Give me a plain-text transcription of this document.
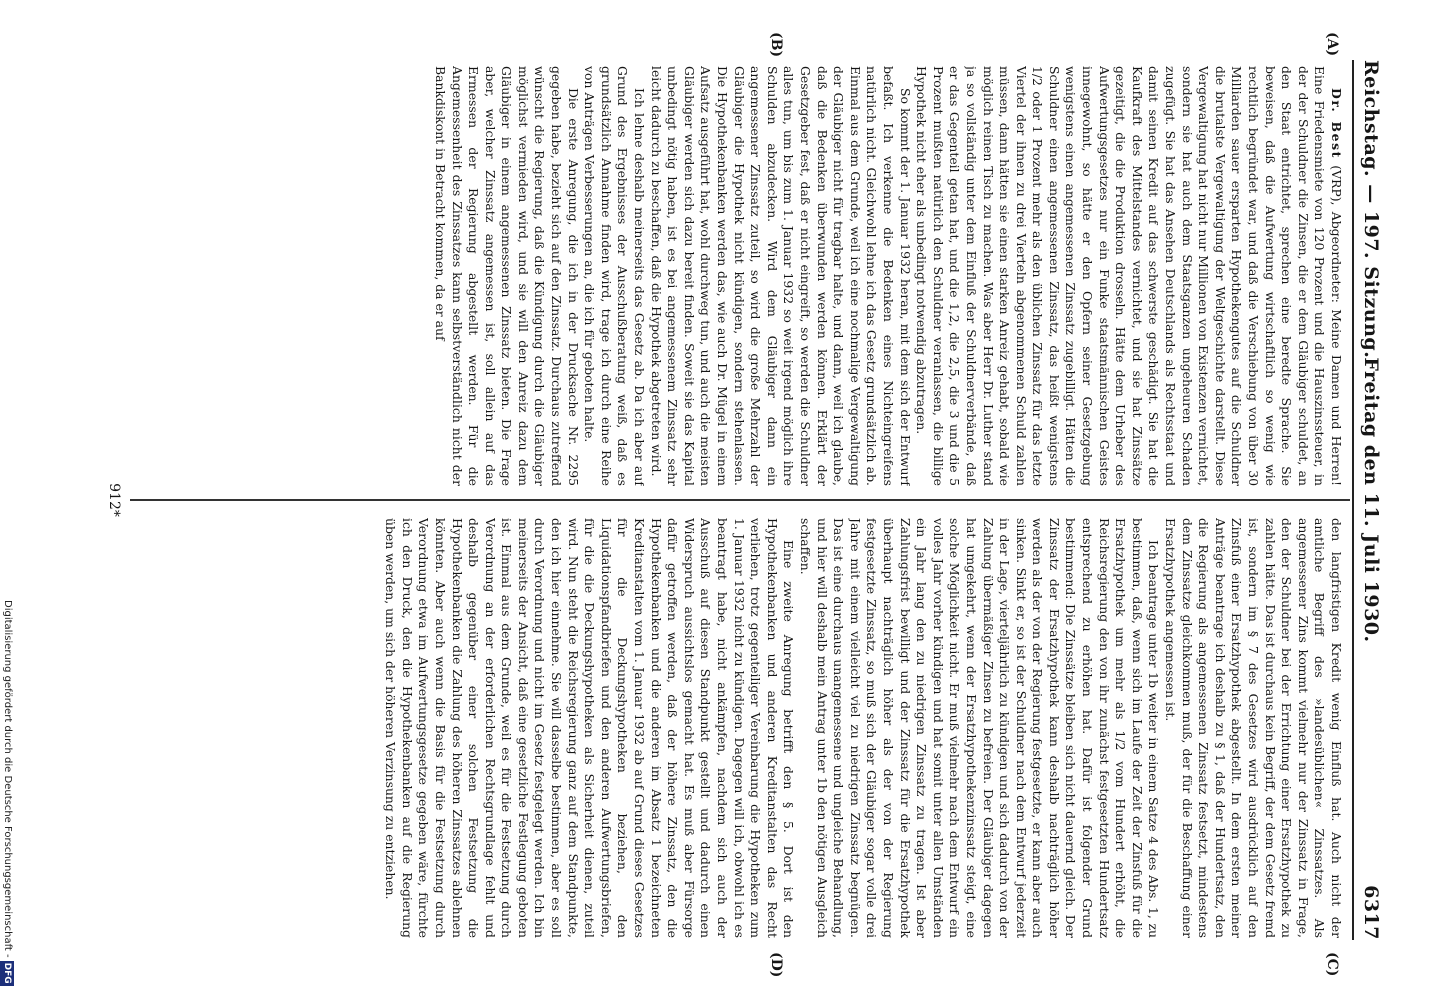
Reichstag. — 197. Sitzung.
Freitag den 11. Juli 1930.
6317
(A)
(B)
(C)
(D)

Dr. Best (VRP), Abgeordneter: Meine Damen und Herren! Eine Friedensmiete von 120 Prozent und die Hauszinssteuer, in der der Schuldner die Zinsen, die er dem Gläubiger schuldet, an den Staat entrichtet, sprechen eine beredte Sprache. Sie beweisen, daß die Aufwertung wirtschaftlich so wenig wie rechtlich begründet war, und daß die Verschiebung von über 30 Milliarden sauer ersparten Hypothekengutes auf die Schuldner die brutalste Vergewaltigung der Weltgeschichte darstellt. Diese Vergewaltigung hat nicht nur Millionen von Existenzen vernichtet, sondern sie hat auch dem Staatsganzen ungeheuren Schaden zugefügt. Sie hat das Ansehen Deutschlands als Rechtsstaat und damit seinen Kredit auf das schwerste geschädigt. Sie hat die Kaufkraft des Mittelstandes vernichtet, und sie hat Zinssätze gezeitigt, die die Produktion drosseln. Hätte dem Urheber des Aufwertungsgesetzes nur ein Funke staatsmännischen Geistes innegewohnt, so hätte er den Opfern seiner Gesetzgebung wenigstens einen angemessenen Zinssatz zugebilligt. Hätten die Schuldner einen angemessenen Zinssatz, das heißt wenigstens 1/2 oder 1 Prozent mehr als den üblichen Zinssatz für das letzte Viertel der ihnen zu drei Vierteln abgenommenen Schuld zahlen müssen, dann hätten sie einen starken Anreiz gehabt, sobald wie möglich reinen Tisch zu machen. Was aber Herr Dr. Luther stand ja so vollständig unter dem Einfluß der Schuldnerverbände, daß er das Gegenteil getan hat, und die 1,2, die 2,5, die 3 und die 5 Prozent mußten natürlich den Schuldner veranlassen, die billige Hypothek nicht eher als unbedingt notwendig abzutragen.

So kommt der 1. Januar 1932 heran, mit dem sich der Entwurf befaßt. Ich verkenne die Bedenken eines Nichteingreifens natürlich nicht. Gleichwohl lehne ich das Gesetz grundsätzlich ab. Einmal aus dem Grunde, weil ich eine nochmalige Vergewaltigung der Gläubiger nicht für tragbar halte, und dann, weil ich glaube, daß die Bedenken überwunden werden können. Erklärt der Gesetzgeber fest, daß er nicht eingreift, so werden die Schuldner alles tun, um bis zum 1. Januar 1932 so weit irgend möglich ihre Schulden abzudecken. Wird dem Gläubiger dann ein angemessener Zinssatz zuteil, so wird die große Mehrzahl der Gläubiger die Hypothek nicht kündigen, sondern stehenlassen. Die Hypothekenbanken werden das, wie auch Dr. Mügel in einem Aufsatz ausgeführt hat, wohl durchweg tun, und auch die meisten Gläubiger werden sich dazu bereit finden. Soweit sie das Kapital unbedingt nötig haben, ist es bei angemessenem Zinssatz sehr leicht dadurch zu beschaffen, daß die Hypothek abgetreten wird.

Ich lehne deshalb meinerseits das Gesetz ab. Da ich aber auf Grund des Ergebnisses der Ausschußberatung weiß, daß es grundsätzlich Annahme finden wird, trage ich durch eine Reihe von Anträgen Verbesserungen an, die ich für geboten halte.

Die erste Anregung, die ich in der Drucksache Nr. 2295 gegeben habe, bezieht sich auf den Zinssatz. Durchaus zutreffend wünscht die Regierung, daß die Kündigung durch die Gläubiger möglichst vermieden wird, und sie will den Anreiz dazu dem Gläubiger in einem angemessenen Zinssatz bieten. Die Frage aber, welcher Zinssatz angemessen ist, soll allein auf das Ermessen der Regierung abgestellt werden. Für die Angemessenheit des Zinssatzes kann selbstverständlich nicht der Bankdiskont in Betracht kommen, da er auf

den langfristigen Kredit wenig Einfluß hat. Auch nicht der amtliche Begriff des »landesüblichen« Zinssatzes. Als angemessener Zins kommt vielmehr nur der Zinssatz in Frage, den der Schuldner bei der Errichtung einer Ersatzhypothek zu zahlen hätte. Das ist durchaus kein Begriff, der dem Gesetz fremd ist, sondern im § 7 des Gesetzes wird ausdrücklich auf den Zinsfuß einer Ersatzhypothek abgestellt. In dem ersten meiner Anträge beantrage ich deshalb zu § 1, daß der Hundertsatz, den die Regierung als angemessenen Zinssatz festsetzt, mindestens dem Zinssatze gleichkommen muß, der für die Beschaffung einer Ersatzhypothek angemessen ist.

Ich beantrage unter 1b weiter in einem Satze 4 des Abs. 1, zu bestimmen, daß, wenn sich im Laufe der Zeit der Zinsfuß für die Ersatzhypothek um mehr als 1/2 vom Hundert erhöht, die Reichsregierung den von ihr zunächst festgesetzten Hundertsatz entsprechend zu erhöhen hat. Dafür ist folgender Grund bestimmend: Die Zinssätze bleiben sich nicht dauernd gleich. Der Zinssatz der Ersatzhypothek kann deshalb nachträglich höher werden als der von der Regierung festgesetzte, er kann aber auch sinken. Sinkt er, so ist der Schuldner nach dem Entwurf jederzeit in der Lage, vierteljährlich zu kündigen und sich dadurch von der Zahlung übermäßiger Zinsen zu befreien. Der Gläubiger dagegen hat umgekehrt, wenn der Ersatzhypothekenzinssatz steigt, eine solche Möglichkeit nicht. Er muß vielmehr nach dem Entwurf ein volles Jahr vorher kündigen und hat somit unter allen Umständen ein Jahr lang den zu niedrigen Zinssatz zu tragen. Ist aber Zahlungsfrist bewilligt und der Zinssatz für die Ersatzhypothek überhaupt nachträglich höher als der von der Regierung festgesetzte Zinssatz, so muß sich der Gläubiger sogar volle drei Jahre mit einem vielleicht viel zu niedrigen Zinssatz begnügen. Das ist eine durchaus unangemessene und ungleiche Behandlung, und hier will deshalb mein Antrag unter 1b den nötigen Ausgleich schaffen.

Eine zweite Anregung betrifft den § 5. Dort ist den Hypothekenbanken und anderen Kreditanstalten das Recht verliehen, trotz gegenteiliger Vereinbarung die Hypotheken zum 1. Januar 1932 nicht zu kündigen. Dagegen will ich, obwohl ich es beantragt habe, nicht ankämpfen, nachdem sich auch der Ausschuß auf diesen Standpunkt gestellt und dadurch einen Widerspruch aussichtslos gemacht hat. Es muß aber Fürsorge dafür getroffen werden, daß der höhere Zinssatz, den die Hypothekenbanken und die anderen im Absatz 1 bezeichneten Kreditanstalten vom 1. Januar 1932 ab auf Grund dieses Gesetzes für die Deckungshypotheken beziehen, den Liquidationspfandbriefen und den anderen Aufwertungsbriefen, für die die Deckungshypotheken als Sicherheit dienen, zuteil wird. Nun steht die Reichsregierung ganz auf dem Standpunkte, den ich hier einnehme. Sie will dasselbe bestimmen, aber es soll durch Verordnung und nicht im Gesetz festgelegt werden. Ich bin meinerseits der Ansicht, daß eine gesetzliche Festlegung geboten ist. Einmal aus dem Grunde, weil es für die Festsetzung durch Verordnung an der erforderlichen Rechtsgrundlage fehlt und deshalb gegenüber einer solchen Festsetzung die Hypothekenbanken die Zahlung des höheren Zinssatzes ablehnen könnten. Aber auch wenn die Basis für die Festsetzung durch Verordnung etwa im Aufwertungsgesetze gegeben wäre, fürchte ich den Druck, den die Hypothekenbanken auf die Regierung üben werden, um sich der höheren Verzinsung zu entziehen.

912*
Digitalisierung gefördert durch die Deutsche Forschungsgemeinschaft -DFG
